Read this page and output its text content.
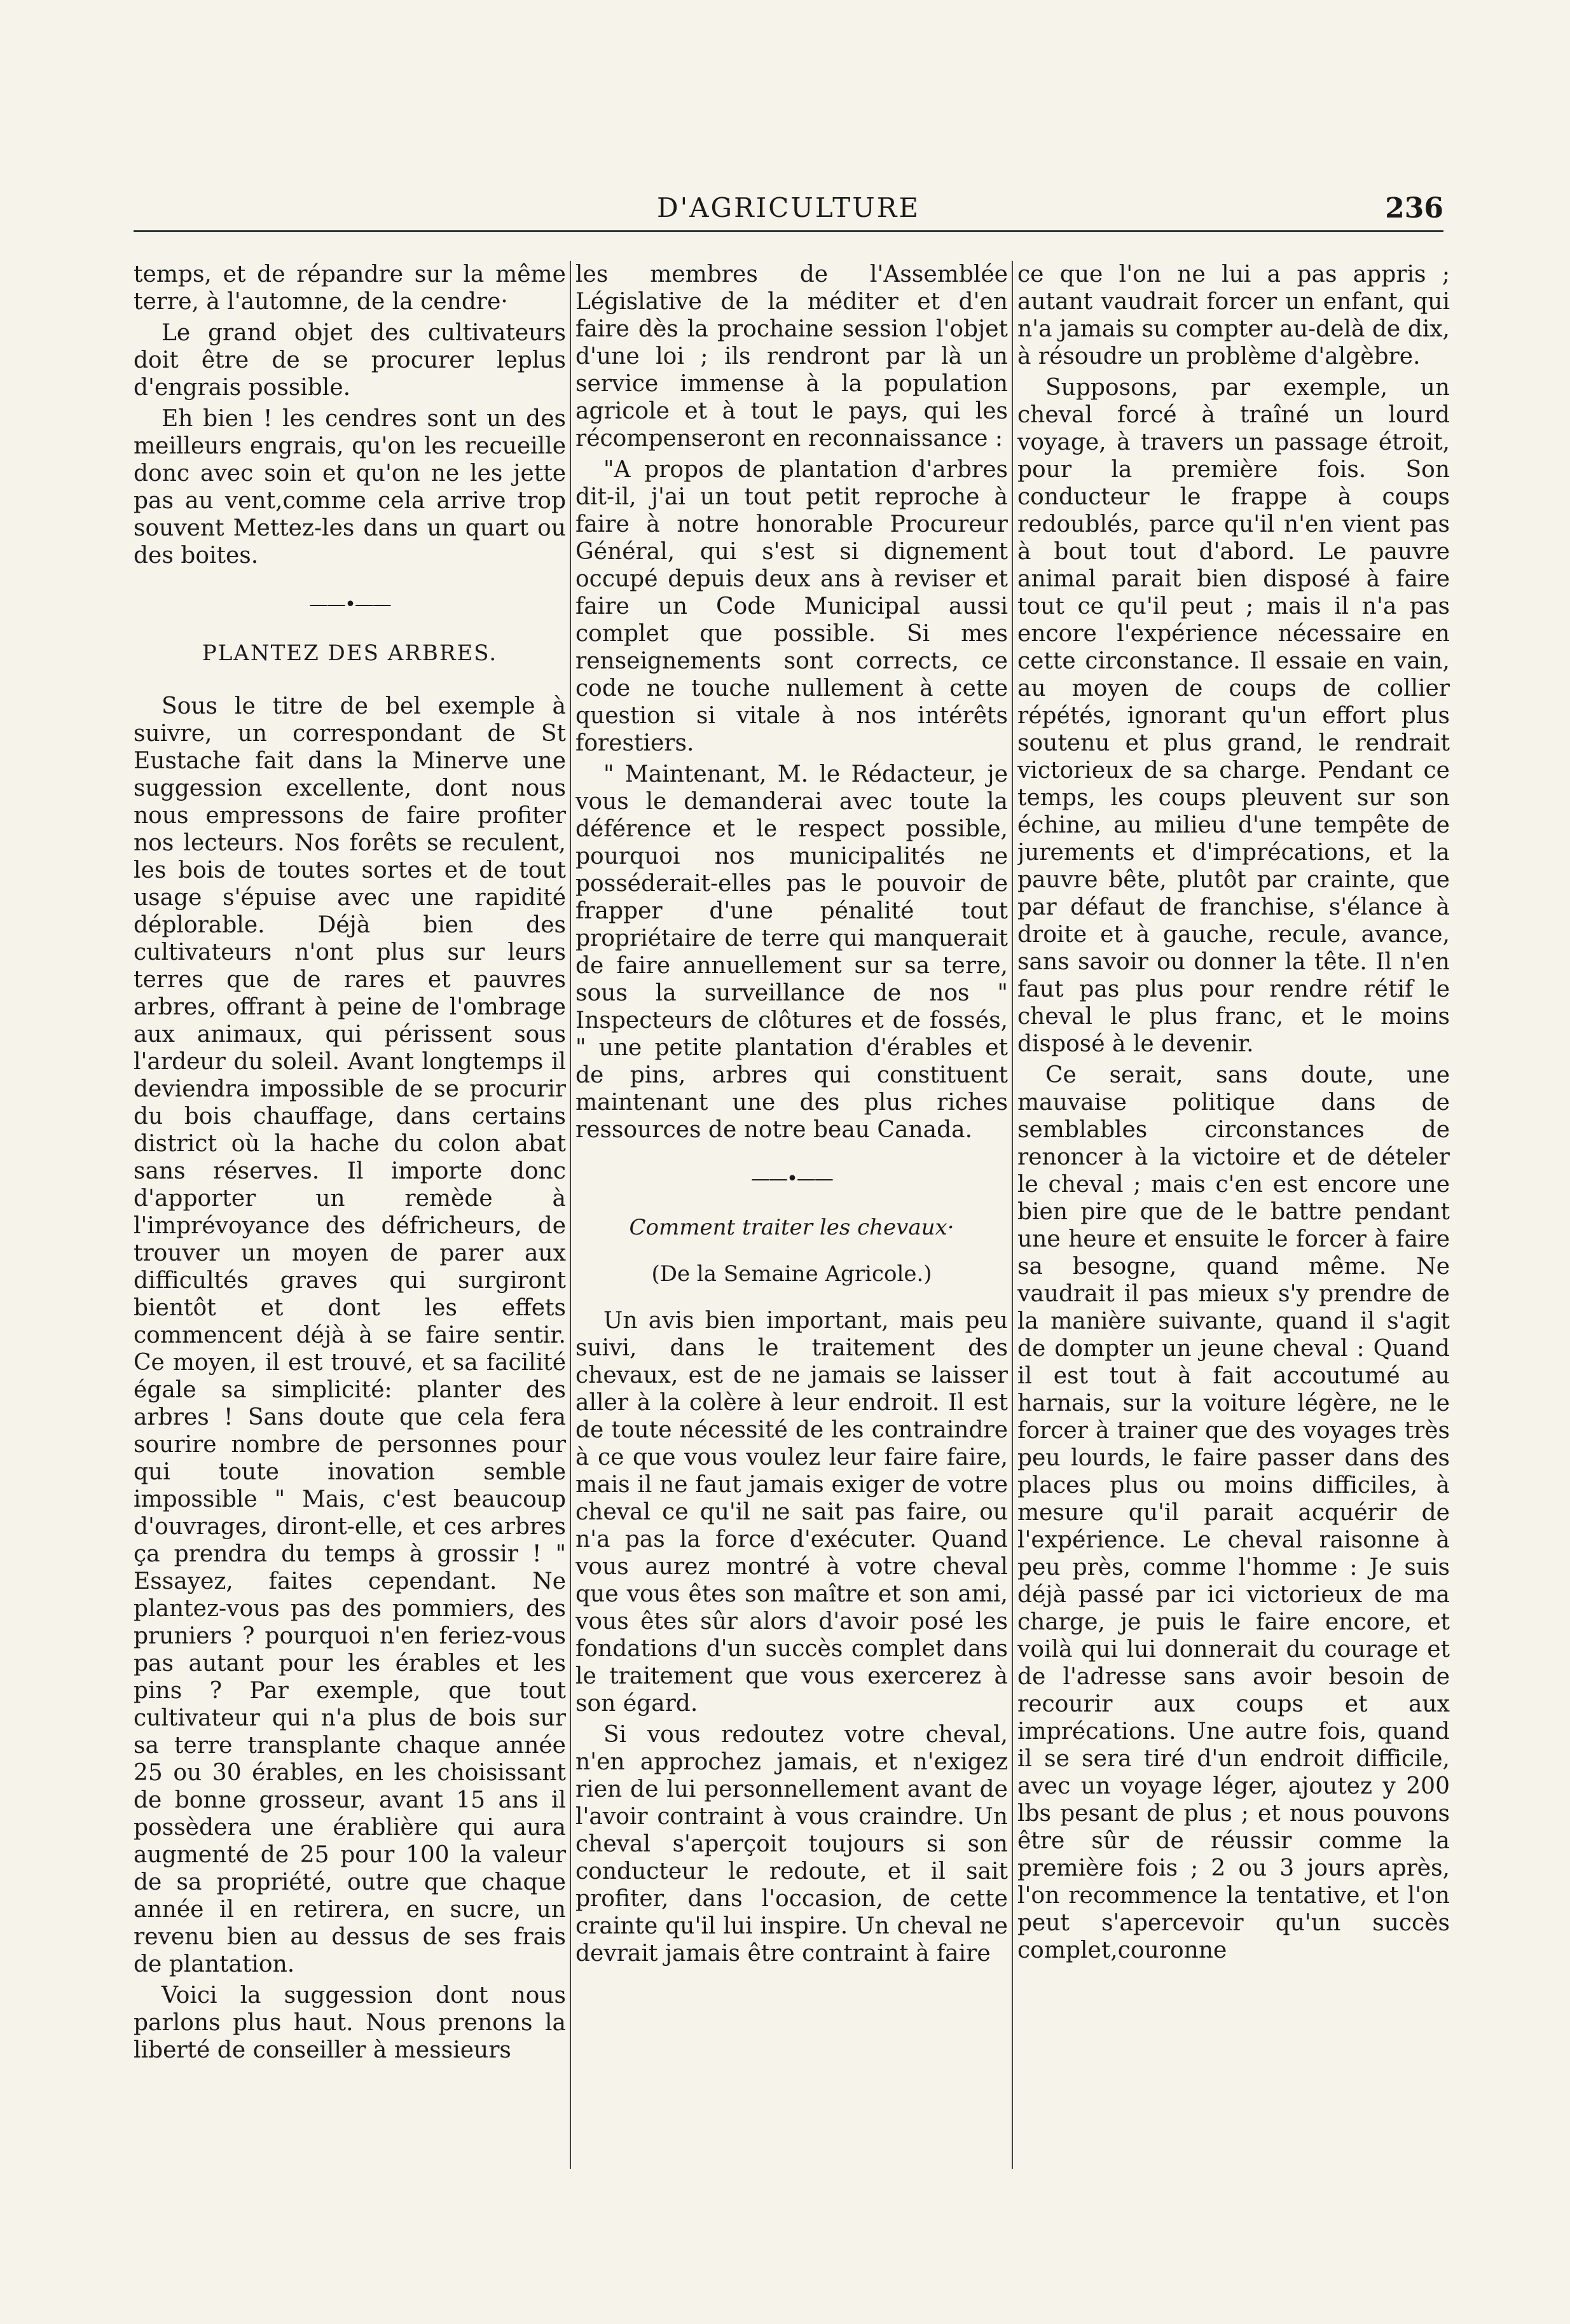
D'AGRICULTURE	236

temps, et de répandre sur la même terre, à l'automne, de la cendre·

Le grand objet des cultivateurs doit être de se procurer leplus d'engrais possible.

Eh bien ! les cendres sont un des meilleurs engrais, qu'on les recueille donc avec soin et qu'on ne les jette pas au vent,comme cela arrive trop souvent Mettez-les dans un quart ou des boites.

——•——
PLANTEZ DES ARBRES.

Sous le titre de bel exemple à suivre, un correspondant de St Eustache fait dans la Minerve une suggession excellente, dont nous nous empressons de faire profiter nos lecteurs. Nos forêts se reculent, les bois de toutes sortes et de tout usage s'épuise avec une rapidité déplorable. Déjà bien des cultivateurs n'ont plus sur leurs terres que de rares et pauvres arbres, offrant à peine de l'ombrage aux animaux, qui périssent sous l'ardeur du soleil. Avant longtemps il deviendra impossible de se procurir du bois chauffage, dans certains district où la hache du colon abat sans réserves. Il importe donc d'apporter un remède à l'imprévoyance des défricheurs, de trouver un moyen de parer aux difficultés graves qui surgiront bientôt et dont les effets commencent déjà à se faire sentir. Ce moyen, il est trouvé, et sa facilité égale sa simplicité: planter des arbres ! Sans doute que cela fera sourire nombre de personnes pour qui toute inovation semble impossible " Mais, c'est beaucoup d'ouvrages, diront-elle, et ces arbres ça prendra du temps à grossir ! " Essayez, faites cependant. Ne plantez-vous pas des pommiers, des pruniers ? pourquoi n'en feriez-vous pas autant pour les érables et les pins ? Par exemple, que tout cultivateur qui n'a plus de bois sur sa terre transplante chaque année 25 ou 30 érables, en les choisissant de bonne grosseur, avant 15 ans il possèdera une érablière qui aura augmenté de 25 pour 100 la valeur de sa propriété, outre que chaque année il en retirera, en sucre, un revenu bien au dessus de ses frais de plantation.

Voici la suggession dont nous parlons plus haut. Nous prenons la liberté de conseiller à messieurs

les membres de l'Assemblée Législative de la méditer et d'en faire dès la prochaine session l'objet d'une loi ; ils rendront par là un service immense à la population agricole et à tout le pays, qui les récompenseront en reconnaissance :

"A propos de plantation d'arbres dit-il, j'ai un tout petit reproche à faire à notre honorable Procureur Général, qui s'est si dignement occupé depuis deux ans à reviser et faire un Code Municipal aussi complet que possible. Si mes renseignements sont corrects, ce code ne touche nullement à cette question si vitale à nos intérêts forestiers.

" Maintenant, M. le Rédacteur, je vous le demanderai avec toute la déférence et le respect possible, pourquoi nos municipalités ne posséderait-elles pas le pouvoir de frapper d'une pénalité tout propriétaire de terre qui manquerait de faire annuellement sur sa terre, sous la surveillance de nos " Inspecteurs de clôtures et de fossés, " une petite plantation d'érables et de pins, arbres qui constituent maintenant une des plus riches ressources de notre beau Canada.

——•——
Comment traiter les chevaux·
(De la Semaine Agricole.)

Un avis bien important, mais peu suivi, dans le traitement des chevaux, est de ne jamais se laisser aller à la colère à leur endroit. Il est de toute nécessité de les contraindre à ce que vous voulez leur faire faire, mais il ne faut jamais exiger de votre cheval ce qu'il ne sait pas faire, ou n'a pas la force d'exécuter. Quand vous aurez montré à votre cheval que vous êtes son maître et son ami, vous êtes sûr alors d'avoir posé les fondations d'un succès complet dans le traitement que vous exercerez à son égard.

Si vous redoutez votre cheval, n'en approchez jamais, et n'exigez rien de lui personnellement avant de l'avoir contraint à vous craindre. Un cheval s'aperçoit toujours si son conducteur le redoute, et il sait profiter, dans l'occasion, de cette crainte qu'il lui inspire. Un cheval ne devrait jamais être contraint à faire

ce que l'on ne lui a pas appris ; autant vaudrait forcer un enfant, qui n'a jamais su compter au-delà de dix, à résoudre un problème d'algèbre.

Supposons, par exemple, un cheval forcé à traîné un lourd voyage, à travers un passage étroit, pour la première fois. Son conducteur le frappe à coups redoublés, parce qu'il n'en vient pas à bout tout d'abord. Le pauvre animal parait bien disposé à faire tout ce qu'il peut ; mais il n'a pas encore l'expérience nécessaire en cette circonstance. Il essaie en vain, au moyen de coups de collier répétés, ignorant qu'un effort plus soutenu et plus grand, le rendrait victorieux de sa charge. Pendant ce temps, les coups pleuvent sur son échine, au milieu d'une tempête de jurements et d'imprécations, et la pauvre bête, plutôt par crainte, que par défaut de franchise, s'élance à droite et à gauche, recule, avance, sans savoir ou donner la tête. Il n'en faut pas plus pour rendre rétif le cheval le plus franc, et le moins disposé à le devenir.

Ce serait, sans doute, une mauvaise politique dans de semblables circonstances de renoncer à la victoire et de dételer le cheval ; mais c'en est encore une bien pire que de le battre pendant une heure et ensuite le forcer à faire sa besogne, quand même. Ne vaudrait il pas mieux s'y prendre de la manière suivante, quand il s'agit de dompter un jeune cheval : Quand il est tout à fait accoutumé au harnais, sur la voiture légère, ne le forcer à trainer que des voyages très peu lourds, le faire passer dans des places plus ou moins difficiles, à mesure qu'il parait acquérir de l'expérience. Le cheval raisonne à peu près, comme l'homme : Je suis déjà passé par ici victorieux de ma charge, je puis le faire encore, et voilà qui lui donnerait du courage et de l'adresse sans avoir besoin de recourir aux coups et aux imprécations. Une autre fois, quand il se sera tiré d'un endroit difficile, avec un voyage léger, ajoutez y 200 lbs pesant de plus ; et nous pouvons être sûr de réussir comme la première fois ; 2 ou 3 jours après, l'on recommence la tentative, et l'on peut s'apercevoir qu'un succès complet,couronne
